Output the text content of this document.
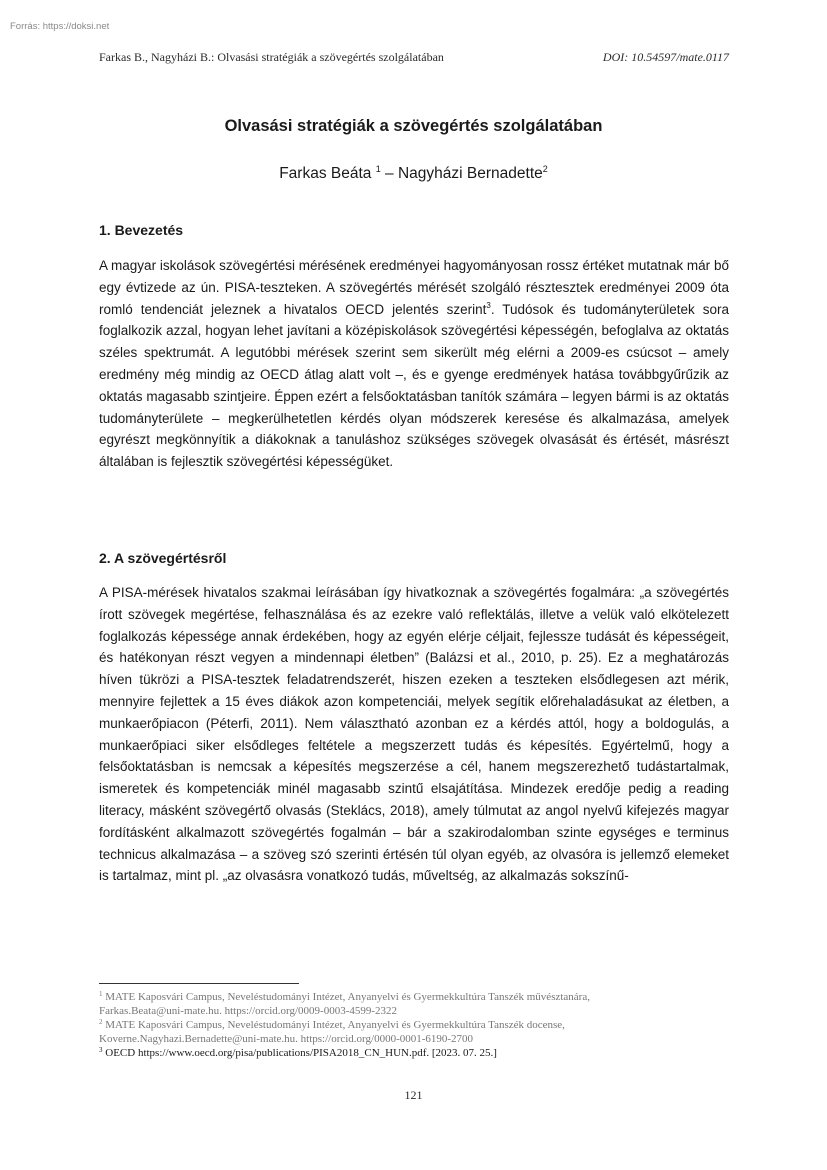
Forrás: https://doksi.net
Farkas B., Nagyházi B.: Olvasási stratégiák a szövegértés szolgálatában	DOI: 10.54597/mate.0117
Olvasási stratégiák a szövegértés szolgálatában
Farkas Beáta $^1$ – Nagyházi Bernadette$^2$
1. Bevezetés
A magyar iskolások szövegértési mérésének eredményei hagyományosan rossz értéket mutatnak már bő egy évtizede az ún. PISA-teszteken. A szövegértés mérését szolgáló résztesztek eredményei 2009 óta romló tendenciát jeleznek a hivatalos OECD jelentés szerint$^3$. Tudósok és tudományterületek sora foglalkozik azzal, hogyan lehet javítani a középiskolások szövegértési képességén, befoglalva az oktatás széles spektrumát. A legutóbbi mérések szerint sem sikerült még elérni a 2009-es csúcsot – amely eredmény még mindig az OECD átlag alatt volt –, és e gyenge eredmények hatása továbbgyűrűzik az oktatás magasabb szintjeire. Éppen ezért a felsőoktatásban tanítók számára – legyen bármi is az oktatás tudományterülete – megkerülhetetlen kérdés olyan módszerek keresése és alkalmazása, amelyek egyrészt megkönnyítik a diákoknak a tanuláshoz szükséges szövegek olvasását és értését, másrészt általában is fejlesztik szövegértési képességüket.
2. A szövegértésről
A PISA-mérések hivatalos szakmai leírásában így hivatkoznak a szövegértés fogalmára: „a szövegértés írott szövegek megértése, felhasználása és az ezekre való reflektálás, illetve a velük való elkötelezett foglalkozás képessége annak érdekében, hogy az egyén elérje céljait, fejlessze tudását és képességeit, és hatékonyan részt vegyen a mindennapi életben” (Balázsi et al., 2010, p. 25). Ez a meghatározás híven tükrözi a PISA-tesztek feladatrendszerét, hiszen ezeken a teszteken elsődlegesen azt mérik, mennyire fejlettek a 15 éves diákok azon kompetenciái, melyek segítik előrehaladásukat az életben, a munkaerőpiacon (Péterfi, 2011). Nem választható azonban ez a kérdés attól, hogy a boldogulás, a munkaerőpiaci siker elsődleges feltétele a megszerzett tudás és képesítés. Egyértelmű, hogy a felsőoktatásban is nemcsak a képesítés megszerzése a cél, hanem megszerezhető tudástartalmak, ismeretek és kompetenciák minél magasabb szintű elsajátítása. Mindezek eredője pedig a reading literacy, másként szövegértő olvasás (Steklács, 2018), amely túlmutat az angol nyelvű kifejezés magyar fordításként alkalmazott szövegértés fogalmán – bár a szakirodalomban szinte egységes e terminus technicus alkalmazása – a szöveg szó szerinti értésén túl olyan egyéb, az olvasóra is jellemző elemeket is tartalmaz, mint pl. „az olvasásra vonatkozó tudás, műveltség, az alkalmazás sokszínű-
$^1$ MATE Kaposvári Campus, Neveléstudományi Intézet, Anyanyelvi és Gyermekkultúra Tanszék művésztanára,
Farkas.Beata@uni-mate.hu. https://orcid.org/0009-0003-4599-2322
$^2$ MATE Kaposvári Campus, Neveléstudományi Intézet, Anyanyelvi és Gyermekkultúra Tanszék docense,
Koverne.Nagyhazi.Bernadette@uni-mate.hu. https://orcid.org/0000-0001-6190-2700
$^3$ OECD https://www.oecd.org/pisa/publications/PISA2018_CN_HUN.pdf. [2023. 07. 25.]
121
